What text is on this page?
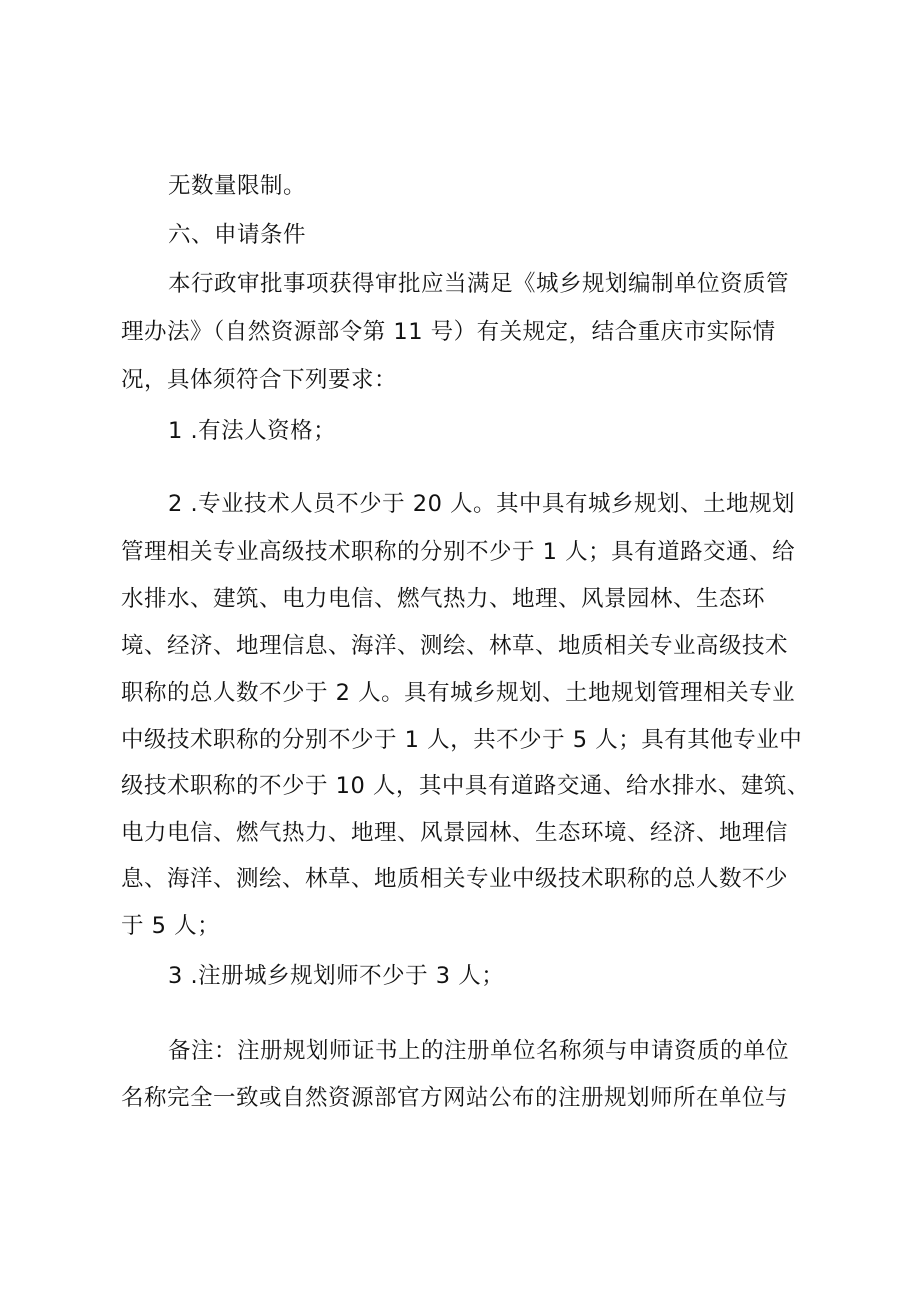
无数量限制。
六、申请条件
本行政审批事项获得审批应当满足《城乡规划编制单位资质管
理办法》（自然资源部令第 11 号）有关规定，结合重庆市实际情
况，具体须符合下列要求：
1 .有法人资格；
2 .专业技术人员不少于 20 人。其中具有城乡规划、土地规划
管理相关专业高级技术职称的分别不少于 1 人；具有道路交通、给
水排水、建筑、电力电信、燃气热力、地理、风景园林、生态环
境、经济、地理信息、海洋、测绘、林草、地质相关专业高级技术
职称的总人数不少于 2 人。具有城乡规划、土地规划管理相关专业
中级技术职称的分别不少于 1 人，共不少于 5 人；具有其他专业中
级技术职称的不少于 10 人，其中具有道路交通、给水排水、建筑、
电力电信、燃气热力、地理、风景园林、生态环境、经济、地理信
息、海洋、测绘、林草、地质相关专业中级技术职称的总人数不少
于 5 人；
3 .注册城乡规划师不少于 3 人；
备注：注册规划师证书上的注册单位名称须与申请资质的单位
名称完全一致或自然资源部官方网站公布的注册规划师所在单位与
